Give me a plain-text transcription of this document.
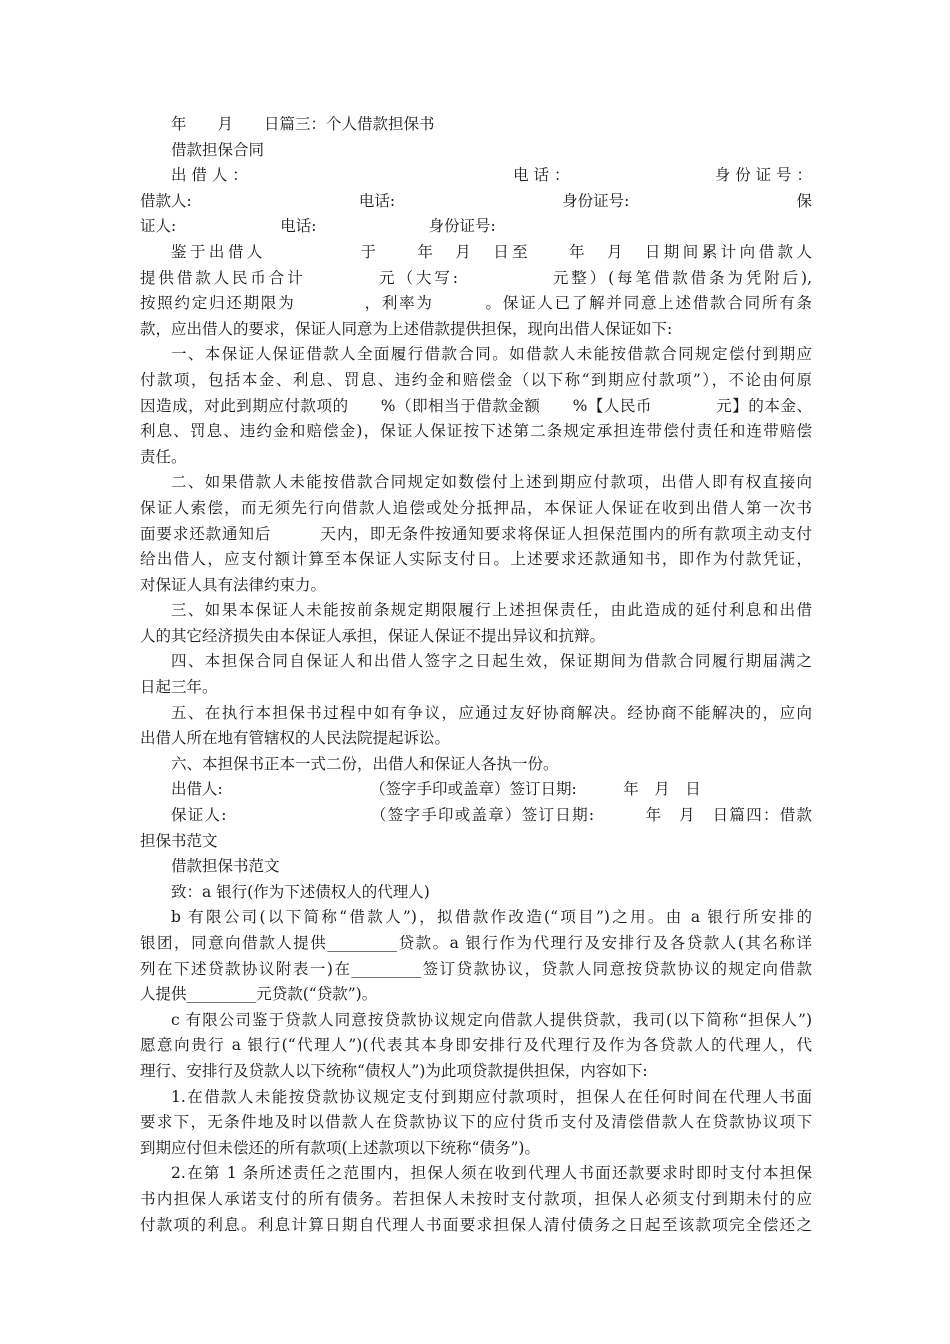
年　　月　　日篇三：个人借款担保书
借款担保合同
出 借 人 ：	电 话 ：	身 份 证 号 ：
借款人:	电话:	身份证号:	保
证人:	电话:	身份证号:
鉴于出借人　　　　　于　　年　月　日至　　年　月　日期间累计向借款人
提供借款人民币合计　　　　元（大写:　　　　　元整）(每笔借款借条为凭附后),
按照约定归还期限为　　　　，利率为　　　。保证人已了解并同意上述借款合同所有条
款，应出借人的要求，保证人同意为上述借款提供担保，现向出借人保证如下:
一、本保证人保证借款人全面履行借款合同。如借款人未能按借款合同规定偿付到期应
付款项，包括本金、利息、罚息、违约金和赔偿金（以下称“到期应付款项”），不论由何原
因造成，对此到期应付款项的　　%（即相当于借款金额　　%【人民币　　　　元】的本金、
利息、罚息、违约金和赔偿金)，保证人保证按下述第二条规定承担连带偿付责任和连带赔偿
责任。
二、如果借款人未能按借款合同规定如数偿付上述到期应付款项，出借人即有权直接向
保证人索偿，而无须先行向借款人追偿或处分抵押品，本保证人保证在收到出借人第一次书
面要求还款通知后　　　天内，即无条件按通知要求将保证人担保范围内的所有款项主动支付
给出借人，应支付额计算至本保证人实际支付日。上述要求还款通知书，即作为付款凭证，
对保证人具有法律约束力。
三、如果本保证人未能按前条规定期限履行上述担保责任，由此造成的延付利息和出借
人的其它经济损失由本保证人承担，保证人保证不提出异议和抗辩。
四、本担保合同自保证人和出借人签字之日起生效，保证期间为借款合同履行期届满之
日起三年。
五、在执行本担保书过程中如有争议，应通过友好协商解决。经协商不能解决的，应向
出借人所在地有管辖权的人民法院提起诉讼。
六、本担保书正本一式二份，出借人和保证人各执一份。
出借人:　　　　　　　　　　（签字手印或盖章）签订日期:　　　年　月　日
保证人:　　　　　　　　　（签字手印或盖章）签订日期:　　　年　月　日篇四：借款
担保书范文
借款担保书范文
致：a 银行(作为下述债权人的代理人)
b 有限公司(以下简称“借款人”)，拟借款作改造(“项目”)之用。由 a 银行所安排的
银团，同意向借款人提供_________贷款。a 银行作为代理行及安排行及各贷款人(其名称详
列在下述贷款协议附表一)在_________签订贷款协议，贷款人同意按贷款协议的规定向借款
人提供_________元贷款(“贷款”)。
c 有限公司鉴于贷款人同意按贷款协议规定向借款人提供贷款，我司(以下简称“担保人”)
愿意向贵行 a 银行(“代理人”)(代表其本身即安排行及代理行及作为各贷款人的代理人，代
理行、安排行及贷款人以下统称“债权人”)为此项贷款提供担保，内容如下:
1.在借款人未能按贷款协议规定支付到期应付款项时，担保人在任何时间在代理人书面
要求下，无条件地及时以借款人在贷款协议下的应付货币支付及清偿借款人在贷款协议项下
到期应付但未偿还的所有款项(上述款项以下统称“债务”)。
2.在第 1 条所述责任之范围内，担保人须在收到代理人书面还款要求时即时支付本担保
书内担保人承诺支付的所有债务。若担保人未按时支付款项，担保人必须支付到期未付的应
付款项的利息。利息计算日期自代理人书面要求担保人清付债务之日起至该款项完全偿还之
